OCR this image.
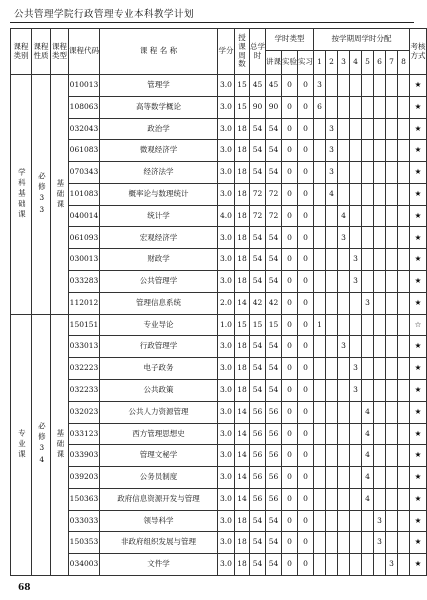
公共管理学院行政管理专业本科教学计划
课程类别	课程性质	课程类型	课程代码	课 程 名 称	学分	授课周数	总学时	学时类型			按学期周学时分配								考核方式
								讲课	实验	实习	1	2	3	4	5	6	7	8	
学科基础课	必修33	基础课	010013	管理学	3.0	15	45	45	0	0	3								★
			108063	高等数学概论	3.0	15	90	90	0	0	6								★
			032043	政治学	3.0	18	54	54	0	0		3							★
			061083	微观经济学	3.0	18	54	54	0	0		3							★
			070343	经济法学	3.0	18	54	54	0	0		3							★
			101083	概率论与数理统计	3.0	18	72	72	0	0		4							★
			040014	统计学	4.0	18	72	72	0	0			4						★
			061093	宏观经济学	3.0	18	54	54	0	0			3						★
			030013	财政学	3.0	18	54	54	0	0				3					★
			033283	公共管理学	3.0	18	54	54	0	0				3					★
			112012	管理信息系统	2.0	14	42	42	0	0					3				★
专业课	必修34	基础课	150151	专业导论	1.0	15	15	15	0	0	1								☆
			033013	行政管理学	3.0	18	54	54	0	0			3						★
			032223	电子政务	3.0	18	54	54	0	0				3					★
			032233	公共政策	3.0	18	54	54	0	0				3					★
			032023	公共人力资源管理	3.0	14	56	56	0	0					4				★
			033123	西方管理思想史	3.0	14	56	56	0	0					4				★
			033903	管理文秘学	3.0	14	56	56	0	0					4				★
			039203	公务员制度	3.0	14	56	56	0	0					4				★
			150363	政府信息资源开发与管理	3.0	14	56	56	0	0					4				★
			033033	领导科学	3.0	18	54	54	0	0						3			★
			150353	非政府组织发展与管理	3.0	18	54	54	0	0						3			★
			034003	文件学	3.0	18	54	54	0	0							3		★
68
